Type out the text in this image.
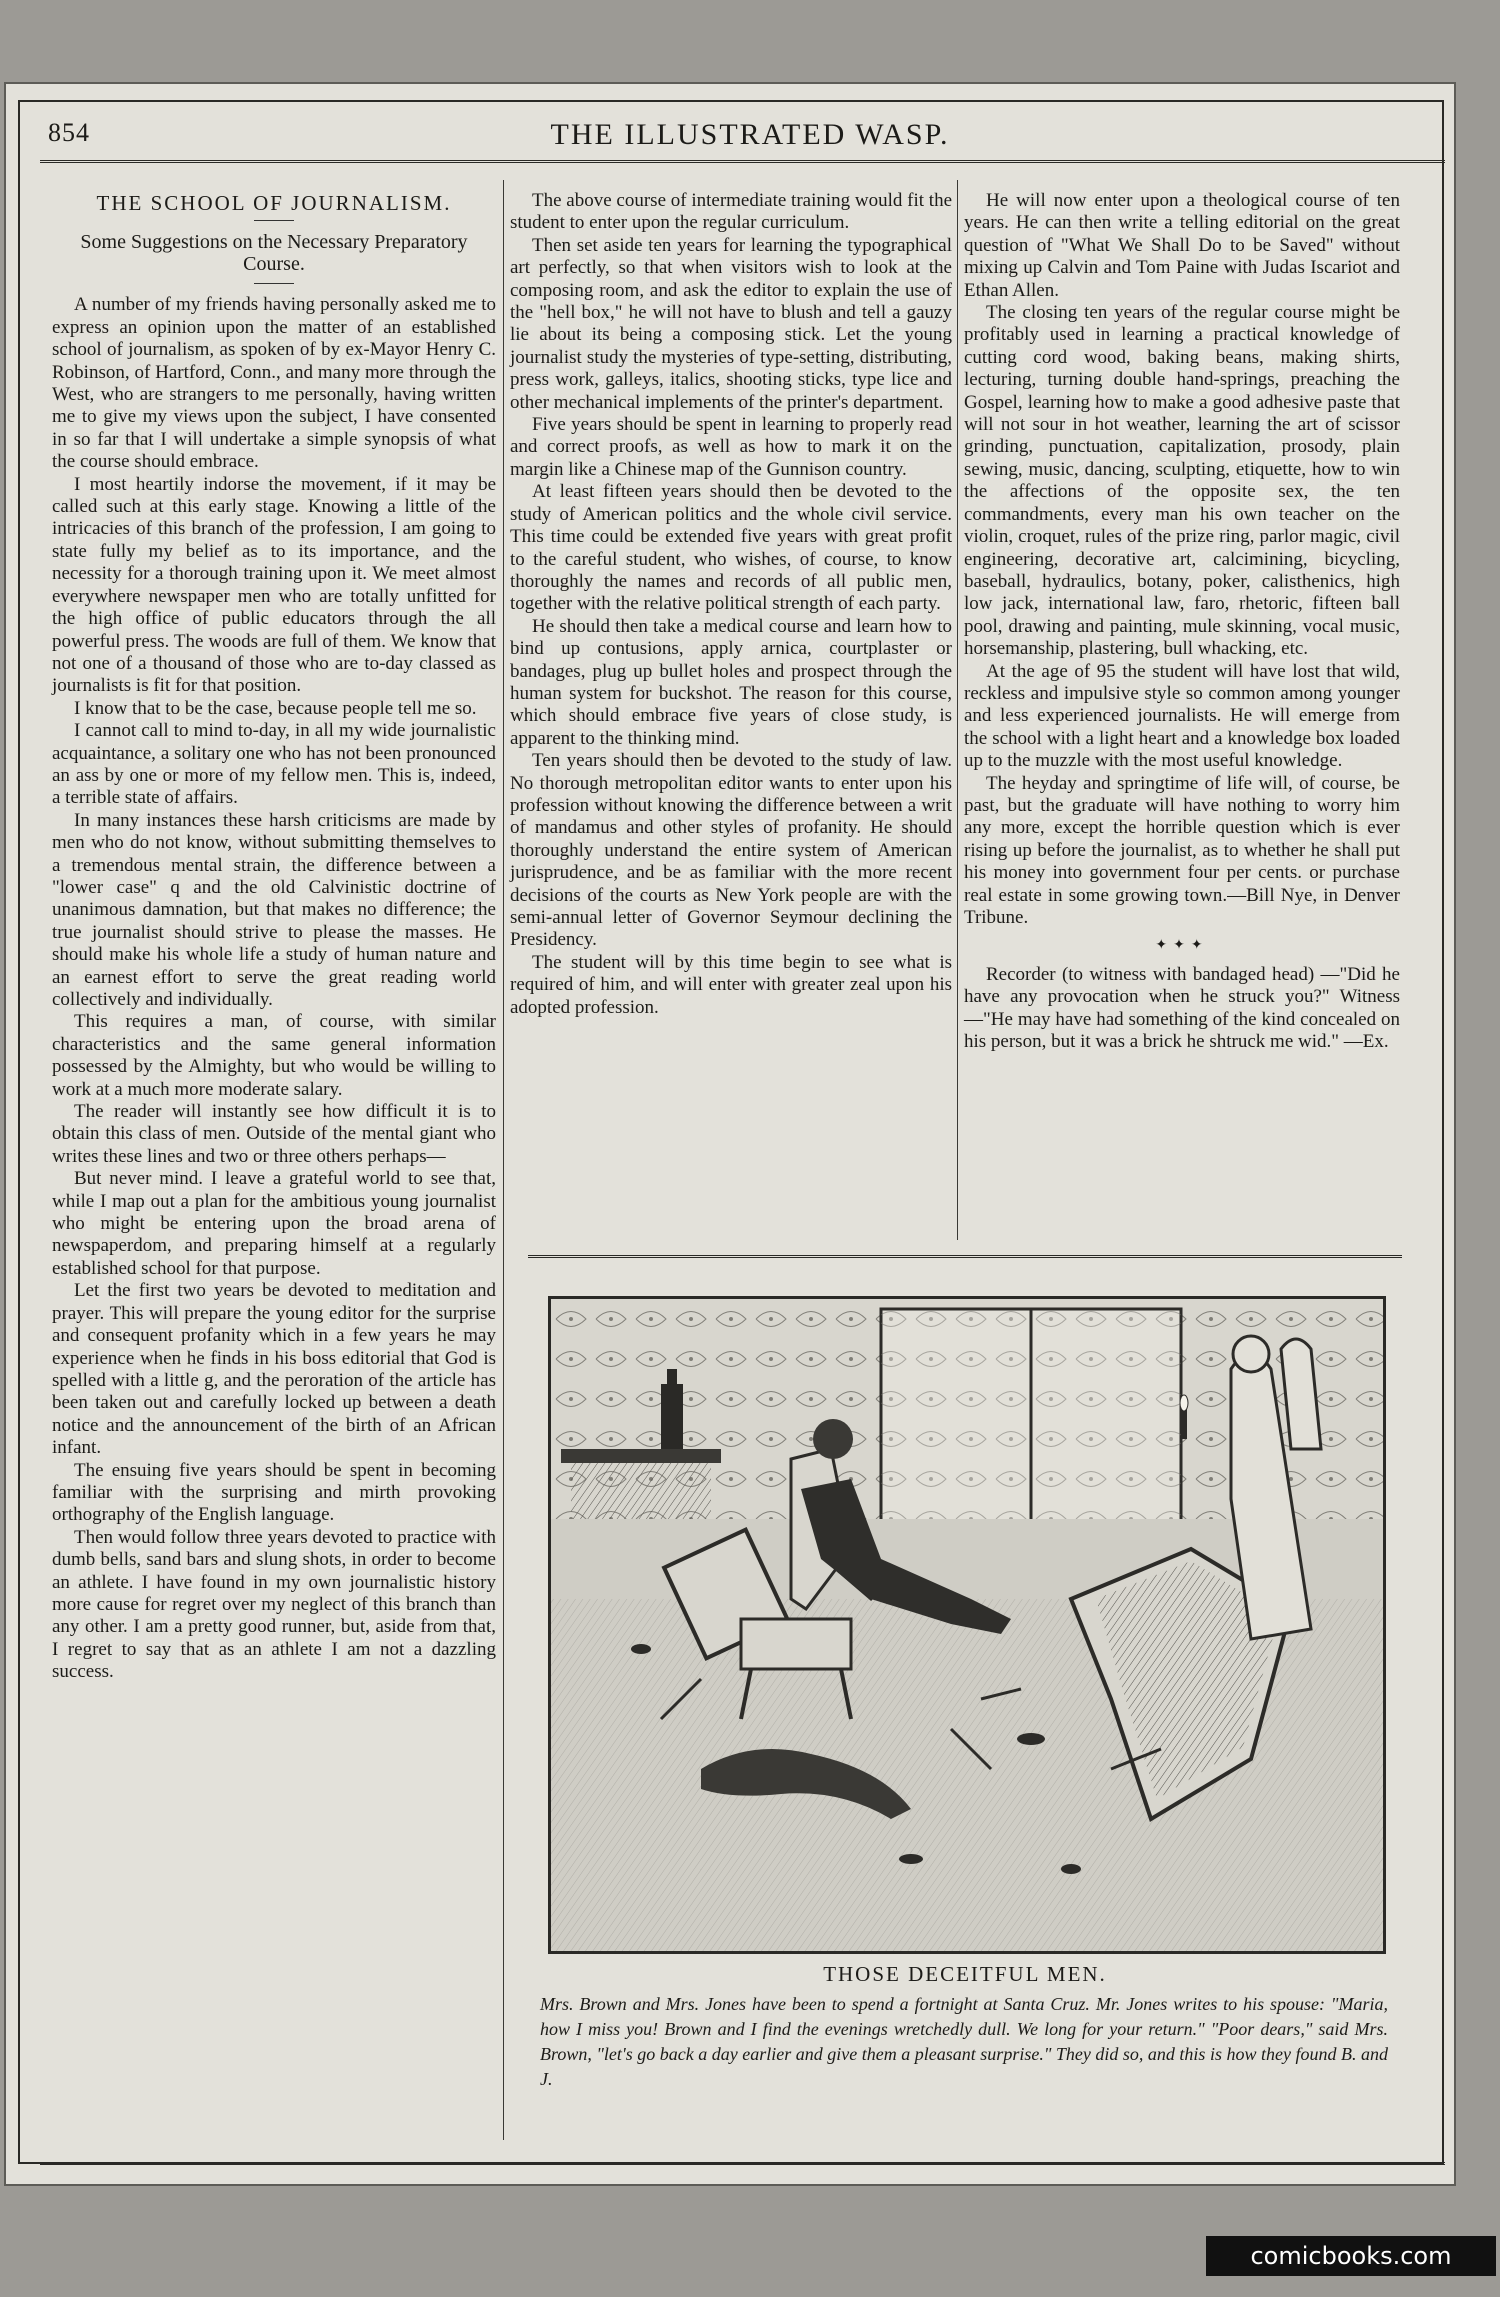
854	THE ILLUSTRATED WASP.
THE SCHOOL OF JOURNALISM.
Some Suggestions on the Necessary Preparatory Course.

A number of my friends having personally asked me to express an opinion upon the matter of an established school of journalism, as spoken of by ex-Mayor Henry C. Robinson, of Hartford, Conn., and many more through the West, who are strangers to me personally, having written me to give my views upon the subject, I have consented in so far that I will undertake a simple synopsis of what the course should embrace.

I most heartily indorse the movement, if it may be called such at this early stage. Knowing a little of the intricacies of this branch of the profession, I am going to state fully my belief as to its importance, and the necessity for a thorough training upon it. We meet almost everywhere newspaper men who are totally unfitted for the high office of public educators through the all powerful press. The woods are full of them. We know that not one of a thousand of those who are to-day classed as journalists is fit for that position.

I know that to be the case, because people tell me so.

I cannot call to mind to-day, in all my wide journalistic acquaintance, a solitary one who has not been pronounced an ass by one or more of my fellow men. This is, indeed, a terrible state of affairs.

In many instances these harsh criticisms are made by men who do not know, without submitting themselves to a tremendous mental strain, the difference between a "lower case" q and the old Calvinistic doctrine of unanimous damnation, but that makes no difference; the true journalist should strive to please the masses. He should make his whole life a study of human nature and an earnest effort to serve the great reading world collectively and individually.

This requires a man, of course, with similar characteristics and the same general information possessed by the Almighty, but who would be willing to work at a much more moderate salary.

The reader will instantly see how difficult it is to obtain this class of men. Outside of the mental giant who writes these lines and two or three others perhaps—

But never mind. I leave a grateful world to see that, while I map out a plan for the ambitious young journalist who might be entering upon the broad arena of newspaperdom, and preparing himself at a regularly established school for that purpose.

Let the first two years be devoted to meditation and prayer. This will prepare the young editor for the surprise and consequent profanity which in a few years he may experience when he finds in his boss editorial that God is spelled with a little g, and the peroration of the article has been taken out and carefully locked up between a death notice and the announcement of the birth of an African infant.

The ensuing five years should be spent in becoming familiar with the surprising and mirth provoking orthography of the English language.

Then would follow three years devoted to practice with dumb bells, sand bars and slung shots, in order to become an athlete. I have found in my own journalistic history more cause for regret over my neglect of this branch than any other. I am a pretty good runner, but, aside from that, I regret to say that as an athlete I am not a dazzling success.

The above course of intermediate training would fit the student to enter upon the regular curriculum.

Then set aside ten years for learning the typographical art perfectly, so that when visitors wish to look at the composing room, and ask the editor to explain the use of the "hell box," he will not have to blush and tell a gauzy lie about its being a composing stick. Let the young journalist study the mysteries of type-setting, distributing, press work, galleys, italics, shooting sticks, type lice and other mechanical implements of the printer's department.

Five years should be spent in learning to properly read and correct proofs, as well as how to mark it on the margin like a Chinese map of the Gunnison country.

At least fifteen years should then be devoted to the study of American politics and the whole civil service. This time could be extended five years with great profit to the careful student, who wishes, of course, to know thoroughly the names and records of all public men, together with the relative political strength of each party.

He should then take a medical course and learn how to bind up contusions, apply arnica, courtplaster or bandages, plug up bullet holes and prospect through the human system for buckshot. The reason for this course, which should embrace five years of close study, is apparent to the thinking mind.

Ten years should then be devoted to the study of law. No thorough metropolitan editor wants to enter upon his profession without knowing the difference between a writ of mandamus and other styles of profanity. He should thoroughly understand the entire system of American jurisprudence, and be as familiar with the more recent decisions of the courts as New York people are with the semi-annual letter of Governor Seymour declining the Presidency.

The student will by this time begin to see what is required of him, and will enter with greater zeal upon his adopted profession.

He will now enter upon a theological course of ten years. He can then write a telling editorial on the great question of "What We Shall Do to be Saved" without mixing up Calvin and Tom Paine with Judas Iscariot and Ethan Allen.

The closing ten years of the regular course might be profitably used in learning a practical knowledge of cutting cord wood, baking beans, making shirts, lecturing, turning double hand-springs, preaching the Gospel, learning how to make a good adhesive paste that will not sour in hot weather, learning the art of scissor grinding, punctuation, capitalization, prosody, plain sewing, music, dancing, sculpting, etiquette, how to win the affections of the opposite sex, the ten commandments, every man his own teacher on the violin, croquet, rules of the prize ring, parlor magic, civil engineering, decorative art, calcimining, bicycling, baseball, hydraulics, botany, poker, calisthenics, high low jack, international law, faro, rhetoric, fifteen ball pool, drawing and painting, mule skinning, vocal music, horsemanship, plastering, bull whacking, etc.

At the age of 95 the student will have lost that wild, reckless and impulsive style so common among younger and less experienced journalists. He will emerge from the school with a light heart and a knowledge box loaded up to the muzzle with the most useful knowledge.

The heyday and springtime of life will, of course, be past, but the graduate will have nothing to worry him any more, except the horrible question which is ever rising up before the journalist, as to whether he shall put his money into government four per cents. or purchase real estate in some growing town.—Bill Nye, in Denver Tribune.

✦✦✦

Recorder (to witness with bandaged head) —"Did he have any provocation when he struck you?" Witness—"He may have had something of the kind concealed on his person, but it was a brick he shtruck me wid." —Ex.

THOSE DECEITFUL MEN.
Mrs. Brown and Mrs. Jones have been to spend a fortnight at Santa Cruz. Mr. Jones writes to his spouse: "Maria, how I miss you! Brown and I find the evenings wretchedly dull. We long for your return." "Poor dears," said Mrs. Brown, "let's go back a day earlier and give them a pleasant surprise." They did so, and this is how they found B. and J.
comicbooks.com
